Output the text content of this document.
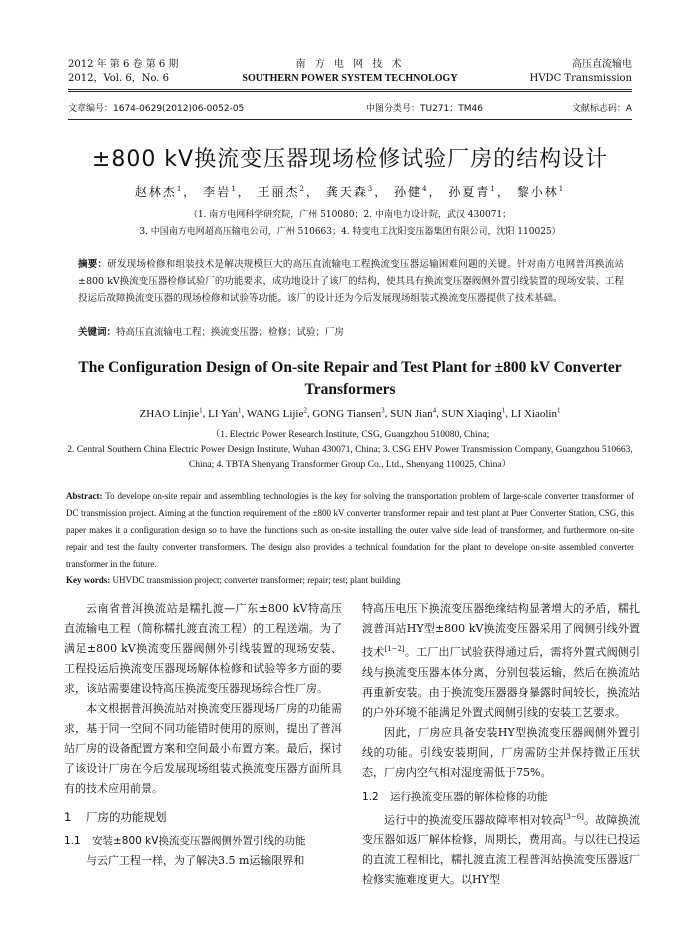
2012 年 第 6 卷 第 6 期
2012，Vol. 6，No. 6
南 方 电 网 技 术
SOUTHERN POWER SYSTEM TECHNOLOGY
高压直流输电
HVDC Transmission
文章编号：1674-0629(2012)06-0052-05	中图分类号：TU271；TM46	文献标志码：A
±800 kV换流变压器现场检修试验厂房的结构设计
赵林杰$^1$， 李岩$^1$， 王丽杰$^2$， 龚天森$^3$， 孙健$^4$， 孙夏青$^1$， 黎小林$^1$
（1. 南方电网科学研究院，广州 510080；2. 中南电力设计院，武汉 430071；
3. 中国南方电网超高压输电公司，广州 510663；4. 特变电工沈阳变压器集团有限公司，沈阳 110025）
摘要：研发现场检修和组装技术是解决规模巨大的高压直流输电工程换流变压器运输困难问题的关键。针对南方电网普洱换流站±800 kV换流变压器检修试验厂的功能要求，成功地设计了该厂的结构，使其具有换流变压器阀侧外置引线装置的现场安装、工程投运后故障换流变压器的现场检修和试验等功能。该厂的设计还为今后发展现场组装式换流变压器提供了技术基础。
关键词：特高压直流输电工程；换流变压器；检修；试验；厂房
The Configuration Design of On-site Repair and Test Plant for ±800 kV Converter Transformers
ZHAO Linjie$^1$, LI Yan$^1$, WANG Lijie$^2$, GONG Tiansen$^3$, SUN Jian$^4$, SUN Xiaqing$^1$, LI Xiaolin$^1$
（1. Electric Power Research Institute, CSG, Guangzhou 510080, China;
2. Central Southern China Electric Power Design Institute, Wuhan 430071, China; 3. CSG EHV Power Transmission Company, Guangzhou 510663, China; 4. TBTA Shenyang Transformer Group Co., Ltd., Shenyang 110025, China）
Abstract: To develope on-site repair and assembling technologies is the key for solving the transportation problem of large-scale converter transformer of DC transmission project. Aiming at the function requirement of the ±800 kV converter transformer repair and test plant at Puer Converter Station, CSG, this paper makes it a configuration design so to have the functions such as on-site installing the outer valve side lead of transformer, and furthermore on-site repair and test the faulty converter transformers. The design also provides a technical foundation for the plant to develope on-site assembled converter transformer in the future.
Key words: UHVDC transmission project; converter transformer; repair; test; plant building

云南省普洱换流站是糯扎渡—广东±800 kV特高压直流输电工程（简称糯扎渡直流工程）的工程送端。为了满足±800 kV换流变压器阀侧外引线装置的现场安装、工程投运后换流变压器现场解体检修和试验等多方面的要求，该站需要建设特高压换流变压器现场综合性厂房。

本文根据普洱换流站对换流变压器现场厂房的功能需求，基于同一空间不同功能错时使用的原则，提出了普洱站厂房的设备配置方案和空间最小布置方案。最后，探讨了该设计厂房在今后发展现场组装式换流变压器方面所具有的技术应用前景。

1 厂房的功能规划
1.1 安装±800 kV换流变压器阀侧外置引线的功能

与云广工程一样，为了解决3.5 m运输限界和

特高压电压下换流变压器绝缘结构显著增大的矛盾，糯扎渡普洱站HY型±800 kV换流变压器采用了阀侧引线外置技术[1−2]。工厂出厂试验获得通过后，需将外置式阀侧引线与换流变压器本体分离，分别包装运输，然后在换流站再重新安装。由于换流变压器器身暴露时间较长，换流站的户外环境不能满足外置式阀侧引线的安装工艺要求。

因此，厂房应具备安装HY型换流变压器阀侧外置引线的功能。引线安装期间，厂房需防尘并保持微正压状态，厂房内空气相对湿度需低于75%。

1.2 运行换流变压器的解体检修的功能

运行中的换流变压器故障率相对较高[3−6]。故障换流变压器如返厂解体检修，周期长，费用高。与以往已投运的直流工程相比，糯扎渡直流工程普洱站换流变压器返厂检修实施难度更大。以HY型
